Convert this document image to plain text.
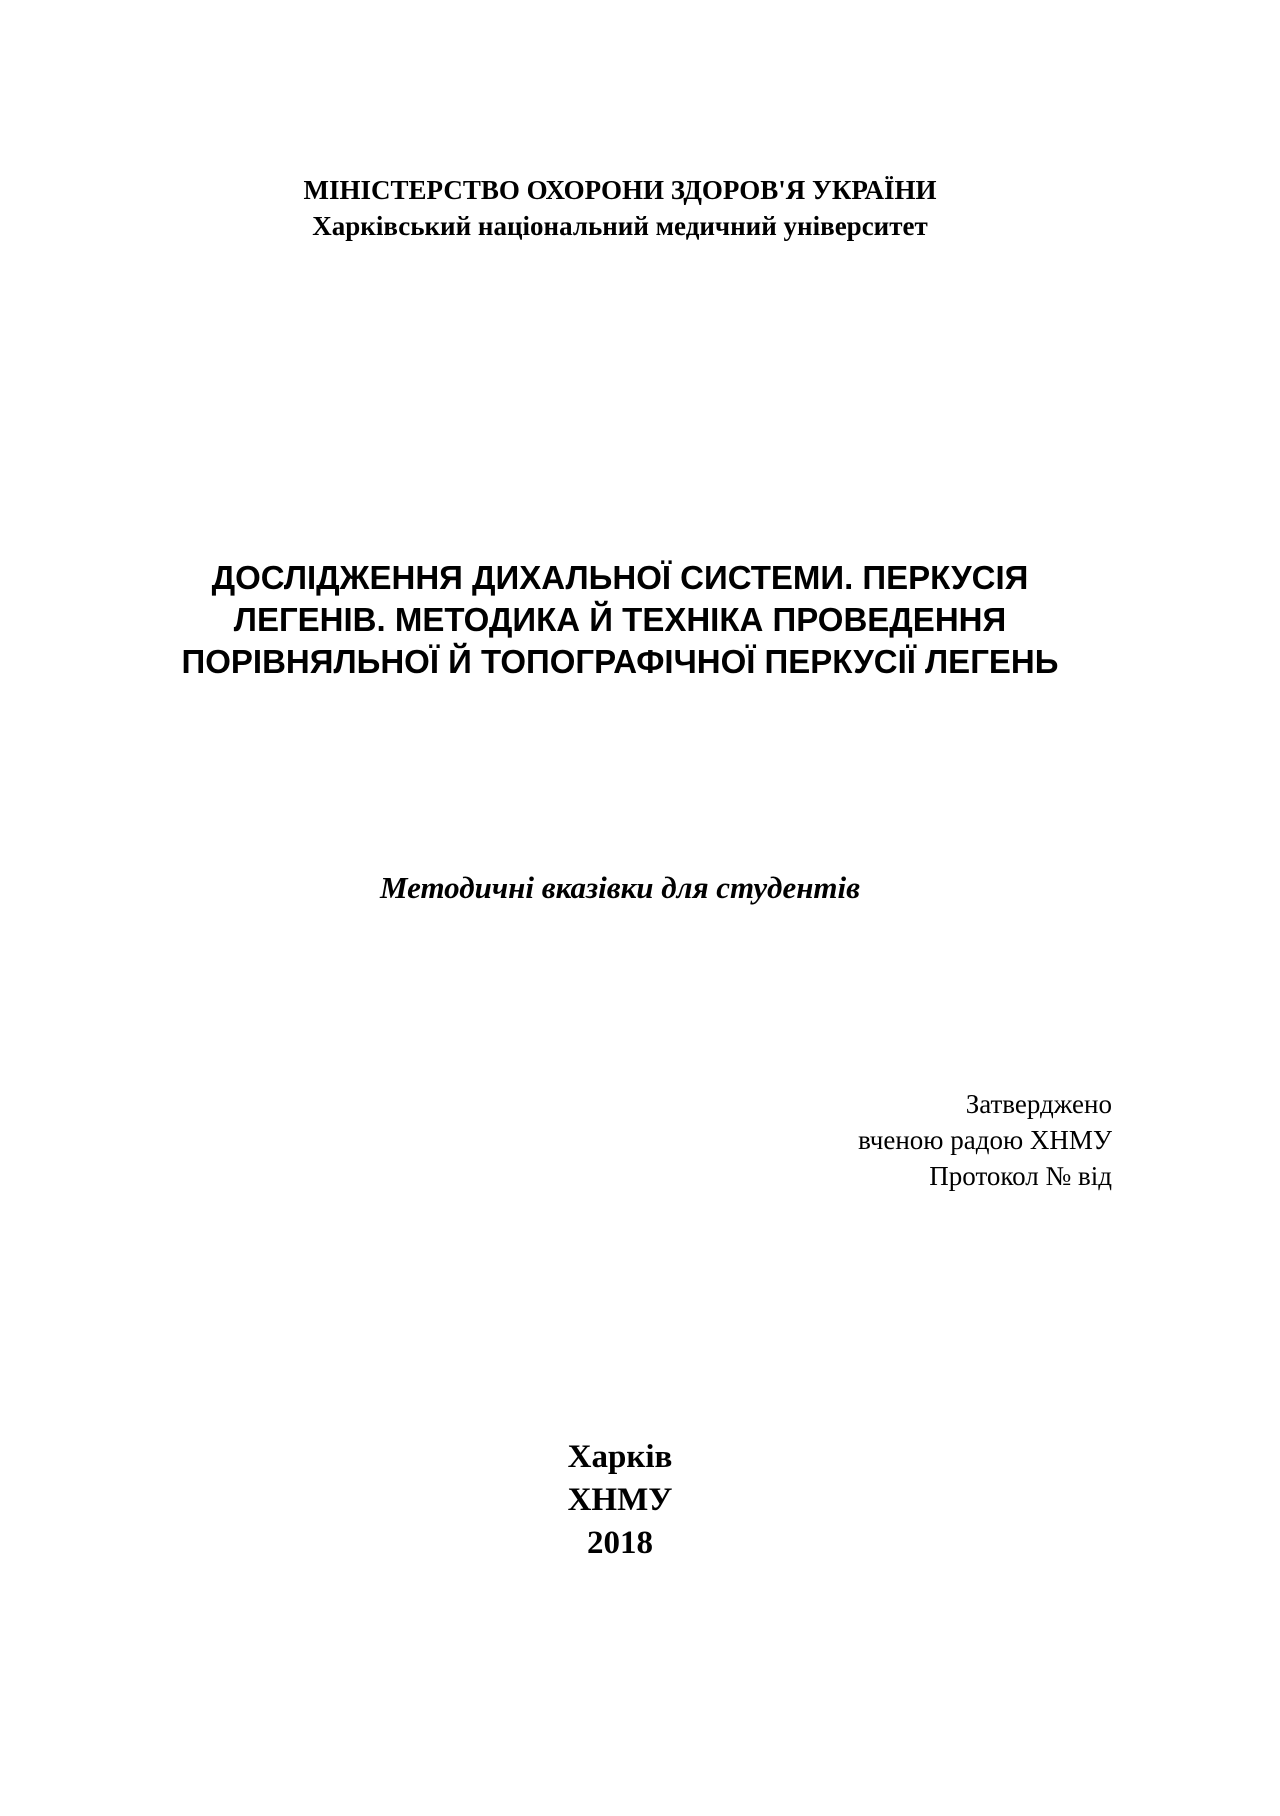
МІНІСТЕРСТВО ОХОРОНИ ЗДОРОВ'Я УКРАЇНИ
Харківський національний медичний університет
ДОСЛІДЖЕННЯ ДИХАЛЬНОЇ СИСТЕМИ. ПЕРКУСІЯ
ЛЕГЕНІВ. МЕТОДИКА Й ТЕХНІКА ПРОВЕДЕННЯ
ПОРІВНЯЛЬНОЇ Й ТОПОГРАФІЧНОЇ ПЕРКУСІЇ ЛЕГЕНЬ
Методичні вказівки для студентів
Затверджено
вченою радою ХНМУ
Протокол № від
Харків
ХНМУ
2018
